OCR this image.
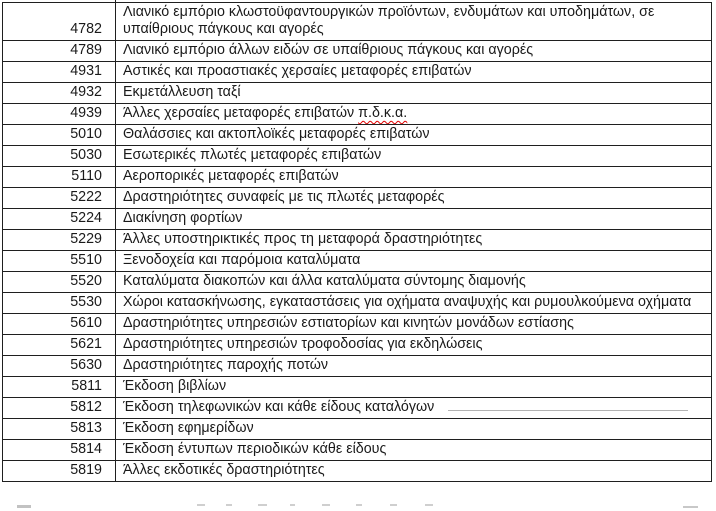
4782	Λιανικό εμπόριο κλωστοϋφαντουργικών προϊόντων, ενδυμάτων και υποδημάτων, σε υπαίθριους πάγκους και αγορές
4789	Λιανικό εμπόριο άλλων ειδών σε υπαίθριους πάγκους και αγορές
4931	Αστικές και προαστιακές χερσαίες μεταφορές επιβατών
4932	Εκμετάλλευση ταξί
4939	Άλλες χερσαίες μεταφορές επιβατών π.δ.κ.α.
5010	Θαλάσσιες και ακτοπλοϊκές μεταφορές επιβατών
5030	Εσωτερικές πλωτές μεταφορές επιβατών
5110	Αεροπορικές μεταφορές επιβατών
5222	Δραστηριότητες συναφείς με τις πλωτές μεταφορές
5224	Διακίνηση φορτίων
5229	Άλλες υποστηρικτικές προς τη μεταφορά δραστηριότητες
5510	Ξενοδοχεία και παρόμοια καταλύματα
5520	Καταλύματα διακοπών και άλλα καταλύματα σύντομης διαμονής
5530	Χώροι κατασκήνωσης, εγκαταστάσεις για οχήματα αναψυχής και ρυμουλκούμενα οχήματα
5610	Δραστηριότητες υπηρεσιών εστιατορίων και κινητών μονάδων εστίασης
5621	Δραστηριότητες υπηρεσιών τροφοδοσίας για εκδηλώσεις
5630	Δραστηριότητες παροχής ποτών
5811	Έκδοση βιβλίων
5812	Έκδοση τηλεφωνικών και κάθε είδους καταλόγων
5813	Έκδοση εφημερίδων
5814	Έκδοση έντυπων περιοδικών κάθε είδους
5819	Άλλες εκδοτικές δραστηριότητες
